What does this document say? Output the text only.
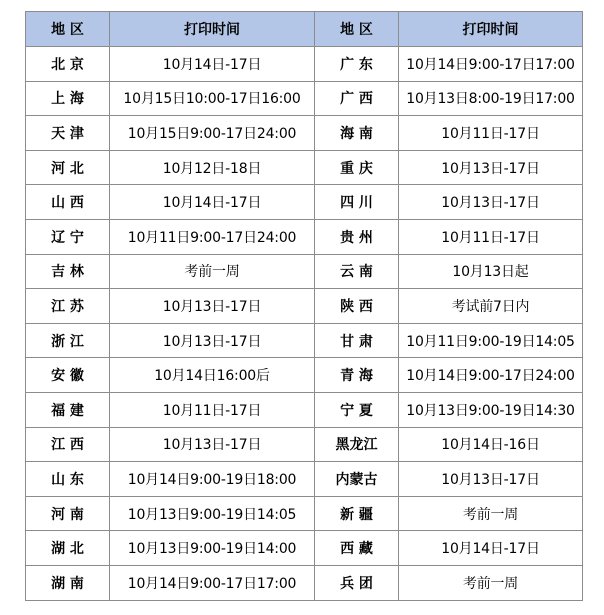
地 区	打印时间	地 区	打印时间
北 京	10月14日-17日	广 东	10月14日9:00-17日17:00
上 海	10月15日10:00-17日16:00	广 西	10月13日8:00-19日17:00
天 津	10月15日9:00-17日24:00	海 南	10月11日-17日
河 北	10月12日-18日	重 庆	10月13日-17日
山 西	10月14日-17日	四 川	10月13日-17日
辽 宁	10月11日9:00-17日24:00	贵 州	10月11日-17日
吉 林	考前一周	云 南	10月13日起
江 苏	10月13日-17日	陕 西	考试前7日内
浙 江	10月13日-17日	甘 肃	10月11日9:00-19日14:05
安 徽	10月14日16:00后	青 海	10月14日9:00-17日24:00
福 建	10月11日-17日	宁 夏	10月13日9:00-19日14:30
江 西	10月13日-17日	黑龙江	10月14日-16日
山 东	10月14日9:00-19日18:00	内蒙古	10月13日-17日
河 南	10月13日9:00-19日14:05	新 疆	考前一周
湖 北	10月13日9:00-19日14:00	西 藏	10月14日-17日
湖 南	10月14日9:00-17日17:00	兵 团	考前一周
